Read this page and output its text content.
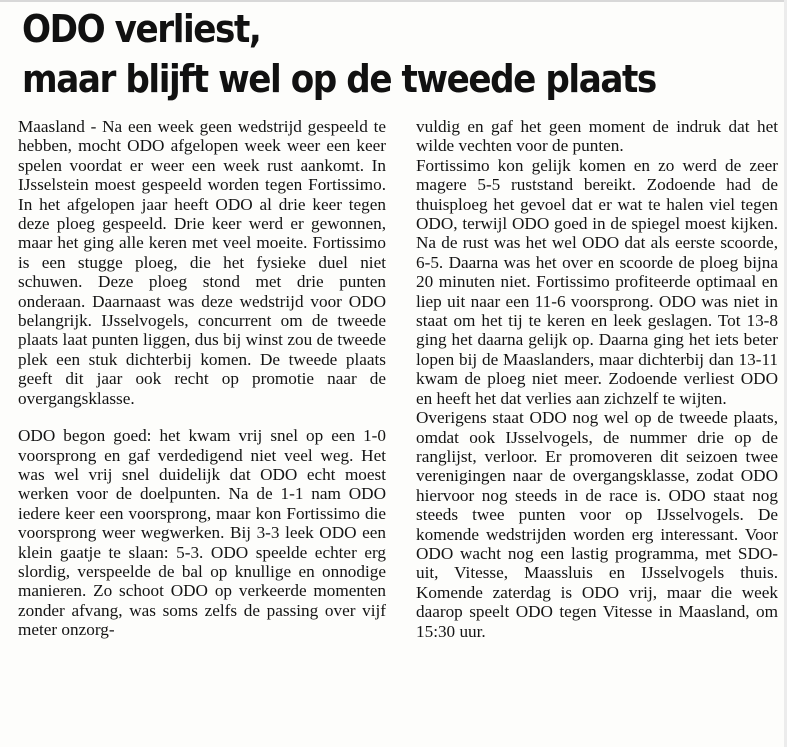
ODO verliest,
maar blijft wel op de tweede plaats

Maasland - Na een week geen wedstrijd gespeeld te hebben, mocht ODO afgelopen week weer een keer spelen voordat er weer een week rust aankomt. In IJsselstein moest gespeeld worden tegen Fortissimo. In het afgelopen jaar heeft ODO al drie keer tegen deze ploeg gespeeld. Drie keer werd er gewonnen, maar het ging alle keren met veel moeite. Fortissimo is een stugge ploeg, die het fysieke duel niet schuwen. Deze ploeg stond met drie punten onderaan. Daarnaast was deze wedstrijd voor ODO belangrijk. IJsselvogels, concurrent om de tweede plaats laat punten liggen, dus bij winst zou de tweede plek een stuk dichterbij komen. De tweede plaats geeft dit jaar ook recht op promotie naar de overgangsklasse.

ODO begon goed: het kwam vrij snel op een 1-0 voorsprong en gaf verdedigend niet veel weg. Het was wel vrij snel duidelijk dat ODO echt moest werken voor de doelpunten. Na de 1-1 nam ODO iedere keer een voorsprong, maar kon Fortissimo die voorsprong weer wegwerken. Bij 3-3 leek ODO een klein gaatje te slaan: 5-3. ODO speelde echter erg slordig, verspeelde de bal op knullige en onnodige manieren. Zo schoot ODO op verkeerde momenten zonder afvang, was soms zelfs de passing over vijf meter onzorg-

vuldig en gaf het geen moment de indruk dat het wilde vechten voor de punten.

Fortissimo kon gelijk komen en zo werd de zeer magere 5-5 ruststand bereikt. Zodoende had de thuisploeg het gevoel dat er wat te halen viel tegen ODO, terwijl ODO goed in de spiegel moest kijken. Na de rust was het wel ODO dat als eerste scoorde, 6-5. Daarna was het over en scoorde de ploeg bijna 20 minuten niet. Fortissimo profiteerde optimaal en liep uit naar een 11-6 voorsprong. ODO was niet in staat om het tij te keren en leek geslagen. Tot 13-8 ging het daarna gelijk op. Daarna ging het iets beter lopen bij de Maaslanders, maar dichterbij dan 13-11 kwam de ploeg niet meer. Zodoende verliest ODO en heeft het dat verlies aan zichzelf te wijten.

Overigens staat ODO nog wel op de tweede plaats, omdat ook IJsselvogels, de nummer drie op de ranglijst, verloor. Er promoveren dit seizoen twee verenigingen naar de overgangsklasse, zodat ODO hiervoor nog steeds in de race is. ODO staat nog steeds twee punten voor op IJsselvogels. De komende wedstrijden worden erg interessant. Voor ODO wacht nog een lastig programma, met SDO-uit, Vitesse, Maassluis en IJsselvogels thuis. Komende zaterdag is ODO vrij, maar die week daarop speelt ODO tegen Vitesse in Maasland, om 15:30 uur.
